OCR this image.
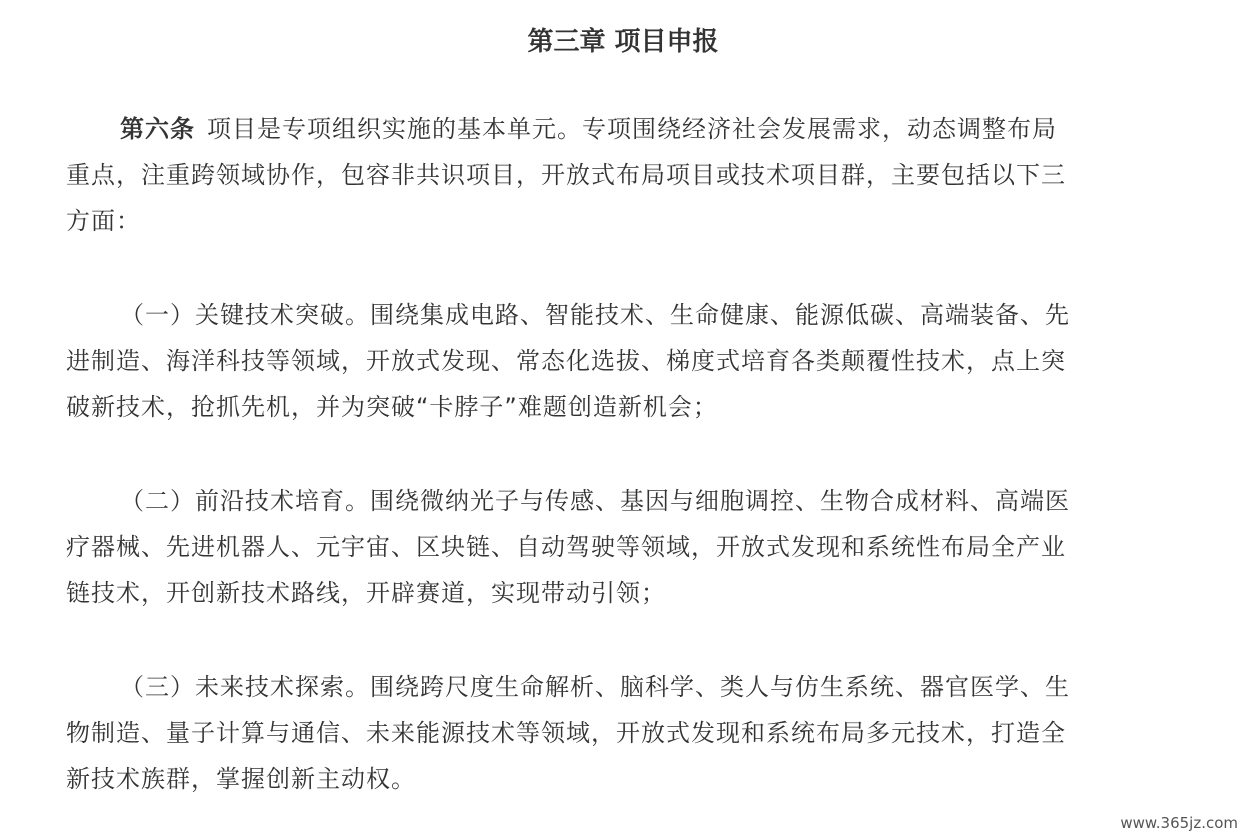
第三章 项目申报
第六条 项目是专项组织实施的基本单元。专项围绕经济社会发展需求，动态调整布局
重点，注重跨领域协作，包容非共识项目，开放式布局项目或技术项目群，主要包括以下三
方面：
（一）关键技术突破。围绕集成电路、智能技术、生命健康、能源低碳、高端装备、先
进制造、海洋科技等领域，开放式发现、常态化选拔、梯度式培育各类颠覆性技术，点上突
破新技术，抢抓先机，并为突破“卡脖子”难题创造新机会；
（二）前沿技术培育。围绕微纳光子与传感、基因与细胞调控、生物合成材料、高端医
疗器械、先进机器人、元宇宙、区块链、自动驾驶等领域，开放式发现和系统性布局全产业
链技术，开创新技术路线，开辟赛道，实现带动引领；
（三）未来技术探索。围绕跨尺度生命解析、脑科学、类人与仿生系统、器官医学、生
物制造、量子计算与通信、未来能源技术等领域，开放式发现和系统布局多元技术，打造全
新技术族群，掌握创新主动权。
www.365jz.com
